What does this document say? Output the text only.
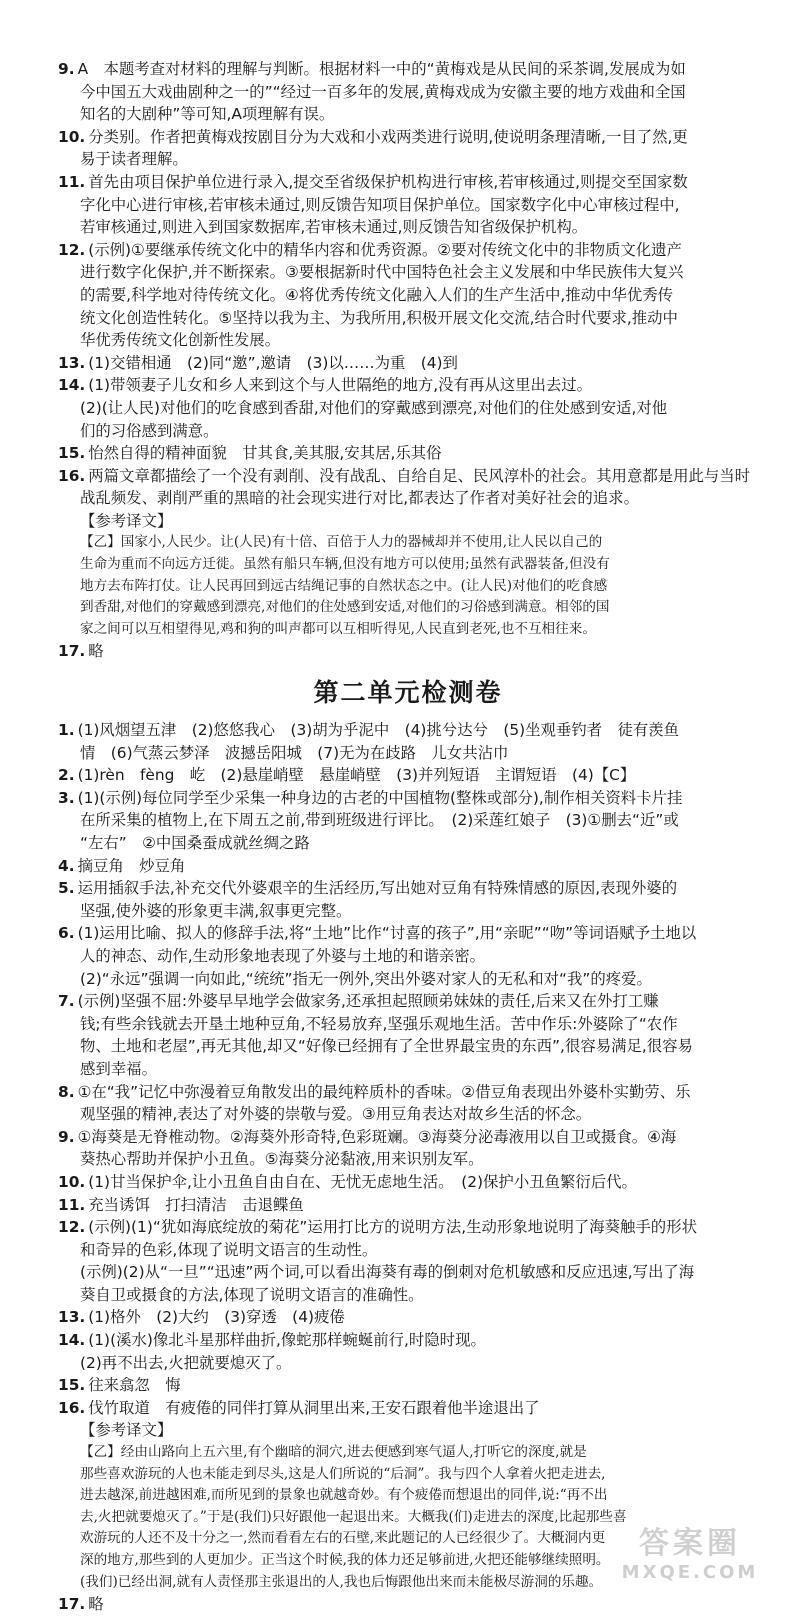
9. A　本题考查对材料的理解与判断。根据材料一中的“黄梅戏是从民间的采茶调,发展成为如
今中国五大戏曲剧种之一的”“经过一百多年的发展,黄梅戏成为安徽主要的地方戏曲和全国
知名的大剧种”等可知,A项理解有误。
10. 分类别。作者把黄梅戏按剧目分为大戏和小戏两类进行说明,使说明条理清晰,一目了然,更
易于读者理解。
11. 首先由项目保护单位进行录入,提交至省级保护机构进行审核,若审核通过,则提交至国家数
字化中心进行审核,若审核未通过,则反馈告知项目保护单位。国家数字化中心审核过程中,
若审核通过,则进入到国家数据库,若审核未通过,则反馈告知省级保护机构。
12. (示例)①要继承传统文化中的精华内容和优秀资源。②要对传统文化中的非物质文化遗产
进行数字化保护,并不断探索。③要根据新时代中国特色社会主义发展和中华民族伟大复兴
的需要,科学地对待传统文化。④将优秀传统文化融入人们的生产生活中,推动中华优秀传
统文化创造性转化。⑤坚持以我为主、为我所用,积极开展文化交流,结合时代要求,推动中
华优秀传统文化创新性发展。
13. (1)交错相通　(2)同“邀”,邀请　(3)以……为重　(4)到
14. (1)带领妻子儿女和乡人来到这个与人世隔绝的地方,没有再从这里出去过。
(2)(让人民)对他们的吃食感到香甜,对他们的穿戴感到漂亮,对他们的住处感到安适,对他
们的习俗感到满意。
15. 怡然自得的精神面貌　甘其食,美其服,安其居,乐其俗
16. 两篇文章都描绘了一个没有剥削、没有战乱、自给自足、民风淳朴的社会。其用意都是用此与当时
战乱频发、剥削严重的黑暗的社会现实进行对比,都表达了作者对美好社会的追求。
【参考译文】
【乙】国家小,人民少。让(人民)有十倍、百倍于人力的器械却并不使用,让人民以自己的
生命为重而不向远方迁徙。虽然有船只车辆,但没有地方可以使用;虽然有武器装备,但没有
地方去布阵打仗。让人民再回到远古结绳记事的自然状态之中。(让人民)对他们的吃食感
到香甜,对他们的穿戴感到漂亮,对他们的住处感到安适,对他们的习俗感到满意。相邻的国
家之间可以互相望得见,鸡和狗的叫声都可以互相听得见,人民直到老死,也不互相往来。
17. 略
第二单元检测卷
1. (1)风烟望五津　(2)悠悠我心　(3)胡为乎泥中　(4)挑兮达兮　(5)坐观垂钓者　徒有羡鱼
情　(6)气蒸云梦泽　波撼岳阳城　(7)无为在歧路　儿女共沾巾
2. (1)rèn　fèng　屹　(2)悬崖峭壁　悬崖峭壁　(3)并列短语　主谓短语　(4)【C】
3. (1)(示例)每位同学至少采集一种身边的古老的中国植物(整株或部分),制作相关资料卡片挂
在所采集的植物上,在下周五之前,带到班级进行评比。　(2)采莲红娘子　(3)①删去“近”或
“左右”　②中国桑蚕成就丝绸之路
4. 摘豆角　炒豆角
5. 运用插叙手法,补充交代外婆艰辛的生活经历,写出她对豆角有特殊情感的原因,表现外婆的
坚强,使外婆的形象更丰满,叙事更完整。
6. (1)运用比喻、拟人的修辞手法,将“土地”比作“讨喜的孩子”,用“亲昵”“吻”等词语赋予土地以
人的神态、动作,生动形象地表现了外婆与土地的和谐亲密。
(2)“永远”强调一向如此,“统统”指无一例外,突出外婆对家人的无私和对“我”的疼爱。
7. (示例)坚强不屈:外婆早早地学会做家务,还承担起照顾弟妹妹的责任,后来又在外打工赚
钱;有些余钱就去开垦土地种豆角,不轻易放弃,坚强乐观地生活。苦中作乐:外婆除了“农作
物、土地和老屋”,再无其他,却又“好像已经拥有了全世界最宝贵的东西”,很容易满足,很容易
感到幸福。
8. ①在“我”记忆中弥漫着豆角散发出的最纯粹质朴的香味。②借豆角表现出外婆朴实勤劳、乐
观坚强的精神,表达了对外婆的崇敬与爱。③用豆角表达对故乡生活的怀念。
9. ①海葵是无脊椎动物。②海葵外形奇特,色彩斑斓。③海葵分泌毒液用以自卫或摄食。④海
葵热心帮助并保护小丑鱼。⑤海葵分泌黏液,用来识别友军。
10. (1)甘当保护伞,让小丑鱼自由自在、无忧无虑地生活。　(2)保护小丑鱼繁衍后代。
11. 充当诱饵　打扫清洁　击退鲽鱼
12. (示例)(1)“犹如海底绽放的菊花”运用打比方的说明方法,生动形象地说明了海葵触手的形状
和奇异的色彩,体现了说明文语言的生动性。
(示例)(2)从“一旦”“迅速”两个词,可以看出海葵有毒的倒刺对危机敏感和反应迅速,写出了海
葵自卫或摄食的方法,体现了说明文语言的准确性。
13. (1)格外　(2)大约　(3)穿透　(4)疲倦
14. (1)(溪水)像北斗星那样曲折,像蛇那样蜿蜒前行,时隐时现。
(2)再不出去,火把就要熄灭了。
15. 往来翕忽　悔
16. 伐竹取道　有疲倦的同伴打算从洞里出来,王安石跟着他半途退出了
【参考译文】
【乙】经由山路向上五六里,有个幽暗的洞穴,进去便感到寒气逼人,打听它的深度,就是
那些喜欢游玩的人也未能走到尽头,这是人们所说的“后洞”。我与四个人拿着火把走进去,
进去越深,前进越困难,而所见到的景象也就越奇妙。有个疲倦而想退出的同伴,说:“再不出
去,火把就要熄灭了。”于是(我们)只好跟他一起退出来。大概我(们)走进去的深度,比起那些喜
欢游玩的人还不及十分之一,然而看看左右的石壁,来此题记的人已经很少了。大概洞内更
深的地方,那些到的人更加少。正当这个时候,我的体力还足够前进,火把还能够继续照明。
(我们)已经出洞,就有人责怪那主张退出的人,我也后悔跟他出来而未能极尽游洞的乐趣。
17. 略
答案圈
MXQE.COM
